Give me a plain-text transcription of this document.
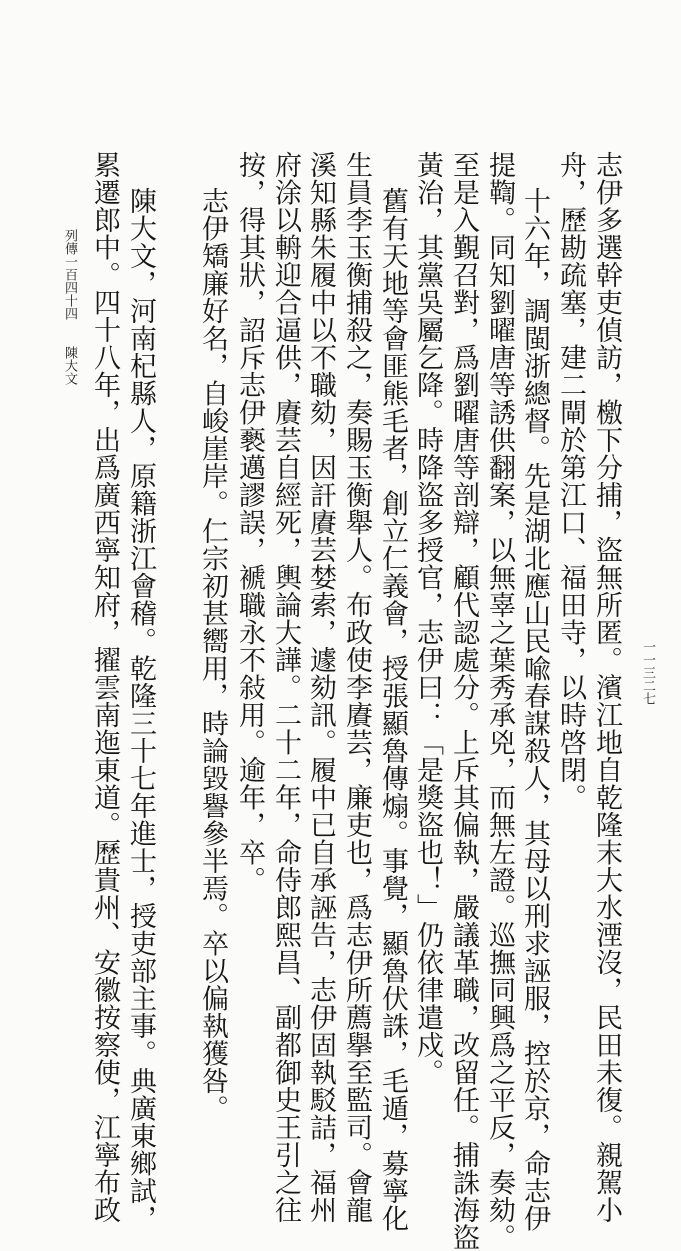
志伊多選幹吏偵訪，檄下分捕，盜無所匿。濱江地自乾隆末大水湮沒，民田未復。親駕小
舟，歷勘疏塞，建二閘於第江口、福田寺，以時啓閉。
十六年，調閩浙總督。先是湖北應山民喩春謀殺人，其母以刑求誣服，控於京，命志伊
提鞫。同知劉曜唐等誘供翻案，以無辜之葉秀承兇，而無左證。巡撫同興爲之平反，奏劾。
至是入覲召對，爲劉曜唐等剖辯，顧代認處分。上斥其偏執，嚴議革職，改留任。捕誅海盜
黃治，其黨吳屬乞降。時降盜多授官，志伊曰：「是獎盜也！」仍依律遣戍。
舊有天地等會匪熊毛者，創立仁義會，授張顯魯傳煽。事覺，顯魯伏誅，毛遁，募寧化
生員李玉衡捕殺之，奏賜玉衡舉人。布政使李賡芸，廉吏也，爲志伊所薦擧至監司。會龍
溪知縣朱履中以不職劾，因訐賡芸婪索，遽劾訊。履中已自承誣告，志伊固執駁詰，福州
府涂以輈迎合逼供，賡芸自經死，輿論大譁。二十二年，命侍郎熙昌、副都御史王引之往
按，得其狀，詔斥志伊褻邁謬誤，褫職永不敍用。逾年，卒。
志伊矯廉好名，自峻崖岸。仁宗初甚嚮用，時論毀譽參半焉。卒以偏執獲咎。
陳大文，河南杞縣人，原籍浙江會稽。乾隆三十七年進士，授吏部主事。典廣東鄉試，
累遷郎中。四十八年，出爲廣西寧知府，擢雲南迤東道。歷貴州、安徽按察使，江寧布政
列傳一百四十四　　陳大文
一一三二七
